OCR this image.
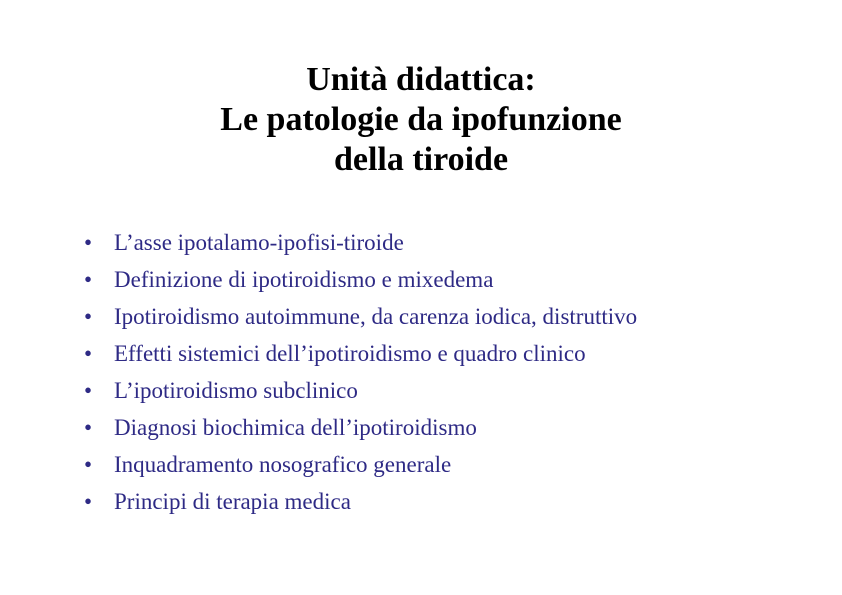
Unità didattica:
Le patologie da ipofunzione
della tiroide
• L’asse ipotalamo-ipofisi-tiroide
• Definizione di ipotiroidismo e mixedema
• Ipotiroidismo autoimmune, da carenza iodica, distruttivo
• Effetti sistemici dell’ipotiroidismo e quadro clinico
• L’ipotiroidismo subclinico
• Diagnosi biochimica dell’ipotiroidismo
• Inquadramento nosografico generale
• Principi di terapia medica
